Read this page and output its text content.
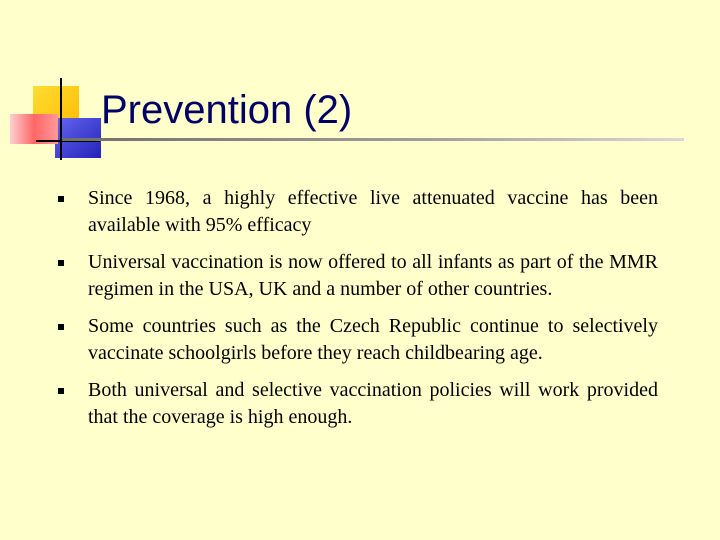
Prevention (2)
Since 1968, a highly effective live attenuated vaccine has been available with 95% efficacy
Universal vaccination is now offered to all infants as part of the MMR regimen in the USA, UK and a number of other countries.
Some countries such as the Czech Republic continue to selectively vaccinate schoolgirls before they reach childbearing age.
Both universal and selective vaccination policies will work provided that the coverage is high enough.
